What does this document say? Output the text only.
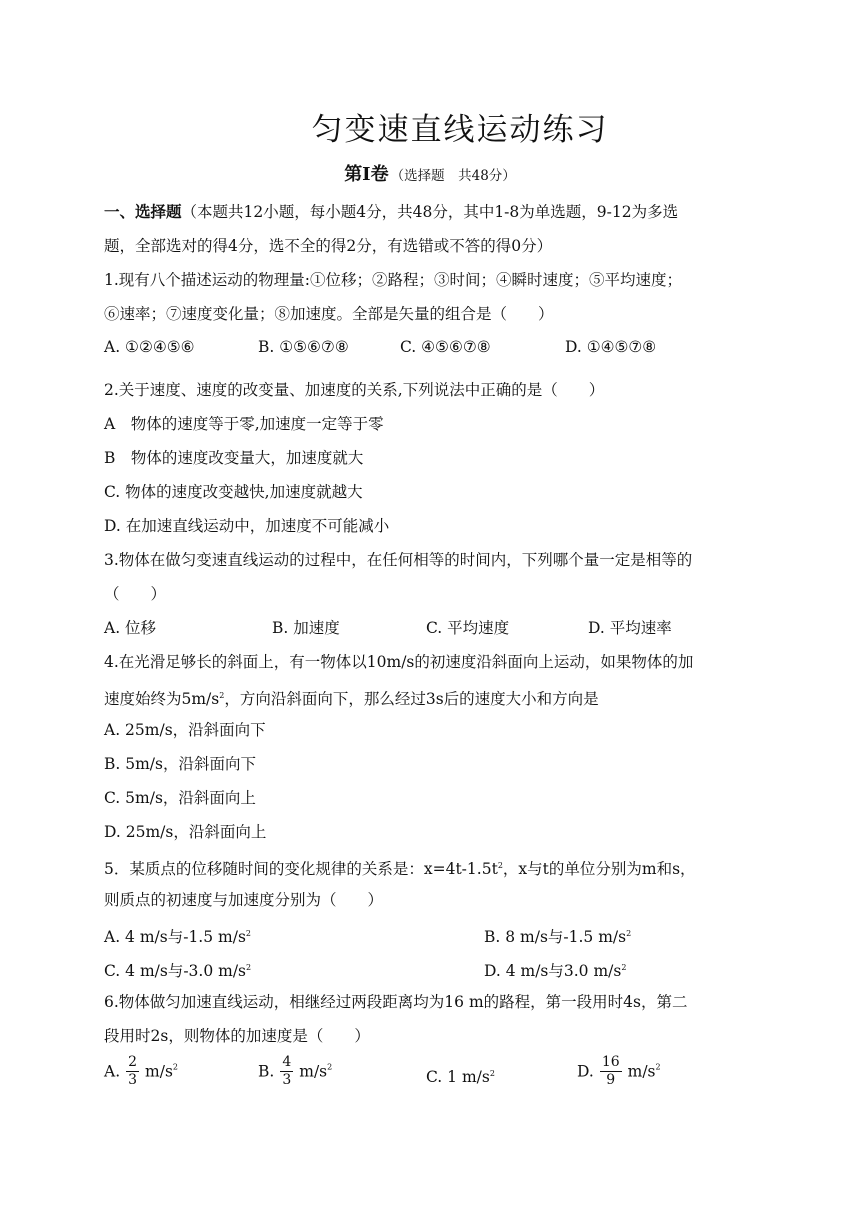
匀变速直线运动练习
第Ⅰ卷 （选择题　共48分）
一、选择题（本题共12小题，每小题4分，共48分，其中1-8为单选题，9-12为多选
题，全部选对的得4分，选不全的得2分，有选错或不答的得0分）
1.现有八个描述运动的物理量:①位移；②路程；③时间；④瞬时速度；⑤平均速度；
⑥速率；⑦速度变化量；⑧加速度。全部是矢量的组合是（　　）
A. ①②④⑤⑥	B. ①⑤⑥⑦⑧	C. ④⑤⑥⑦⑧	D. ①④⑤⑦⑧
2.关于速度、速度的改变量、加速度的关系,下列说法中正确的是（　　）
A　物体的速度等于零,加速度一定等于零
B　物体的速度改变量大，加速度就大
C. 物体的速度改变越快,加速度就越大
D. 在加速直线运动中，加速度不可能减小
3.物体在做匀变速直线运动的过程中，在任何相等的时间内，下列哪个量一定是相等的
（　　）
A. 位移	B. 加速度	C. 平均速度	D. 平均速率
4.在光滑足够长的斜面上，有一物体以10m/s的初速度沿斜面向上运动，如果物体的加
速度始终为$5m/s^2$，方向沿斜面向下，那么经过3s后的速度大小和方向是
A. 25m/s，沿斜面向下
B. 5m/s，沿斜面向下
C. 5m/s，沿斜面向上
D. 25m/s，沿斜面向上
5．某质点的位移随时间的变化规律的关系是：$x=4t-1.5t^2$，x与t的单位分别为m和s，
则质点的初速度与加速度分别为（　　）
A. 4 m/s与-1.5 $m/s^2$	B. 8 m/s与-1.5 $m/s^2$
C. 4 m/s与-3.0 $m/s^2$	D. 4 m/s与3.0 $m/s^2$
6.物体做匀加速直线运动，相继经过两段距离均为16 m的路程，第一段用时4s，第二
段用时2s，则物体的加速度是（　　）
A. $\frac{2}{3} m/s^2$	B. $\frac{4}{3} m/s^2$
C. 1 $m/s^2$	D. $\frac{16}{9} m/s^2$
